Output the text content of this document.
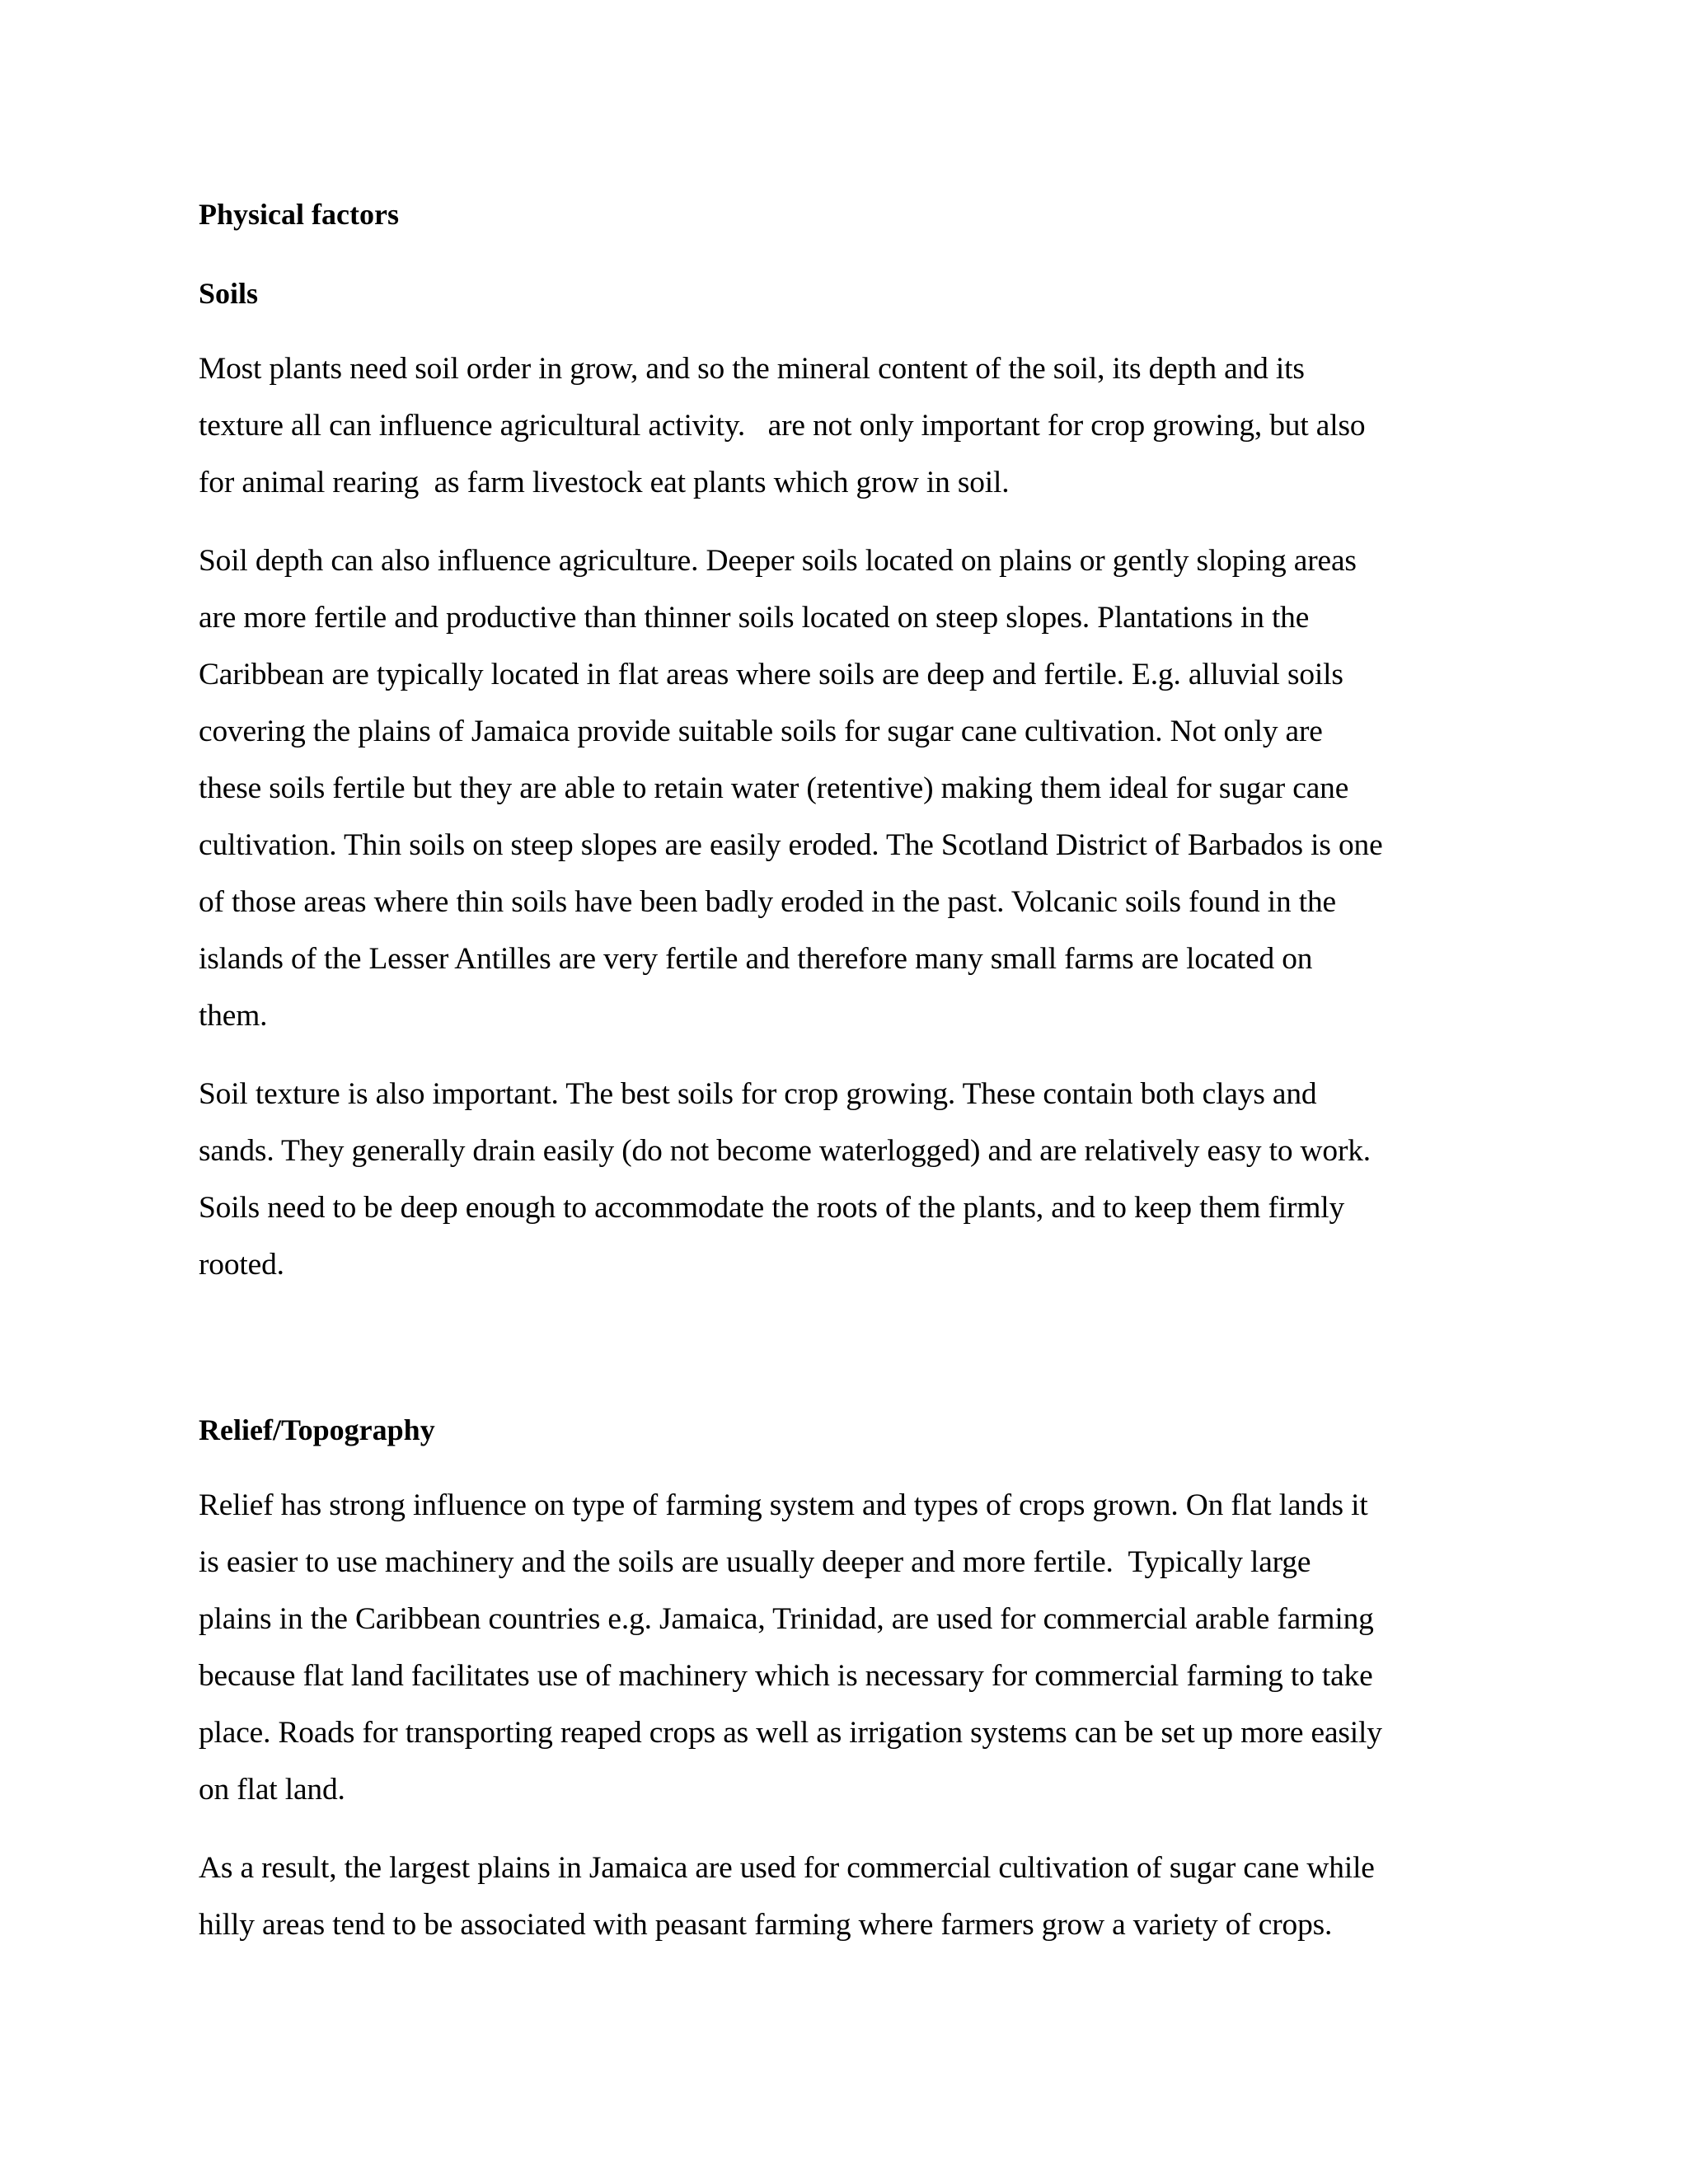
Physical factors
Soils

Most plants need soil order in grow, and so the mineral content of the soil, its depth and its
texture all can influence agricultural activity.   are not only important for crop growing, but also
for animal rearing  as farm livestock eat plants which grow in soil.

Soil depth can also influence agriculture. Deeper soils located on plains or gently sloping areas
are more fertile and productive than thinner soils located on steep slopes. Plantations in the
Caribbean are typically located in flat areas where soils are deep and fertile. E.g. alluvial soils
covering the plains of Jamaica provide suitable soils for sugar cane cultivation. Not only are
these soils fertile but they are able to retain water (retentive) making them ideal for sugar cane
cultivation. Thin soils on steep slopes are easily eroded. The Scotland District of Barbados is one
of those areas where thin soils have been badly eroded in the past. Volcanic soils found in the
islands of the Lesser Antilles are very fertile and therefore many small farms are located on
them.

Soil texture is also important. The best soils for crop growing. These contain both clays and
sands. They generally drain easily (do not become waterlogged) and are relatively easy to work.
Soils need to be deep enough to accommodate the roots of the plants, and to keep them firmly
rooted.

Relief/Topography

Relief has strong influence on type of farming system and types of crops grown. On flat lands it
is easier to use machinery and the soils are usually deeper and more fertile.  Typically large
plains in the Caribbean countries e.g. Jamaica, Trinidad, are used for commercial arable farming
because flat land facilitates use of machinery which is necessary for commercial farming to take
place. Roads for transporting reaped crops as well as irrigation systems can be set up more easily
on flat land.

As a result, the largest plains in Jamaica are used for commercial cultivation of sugar cane while
hilly areas tend to be associated with peasant farming where farmers grow a variety of crops.
